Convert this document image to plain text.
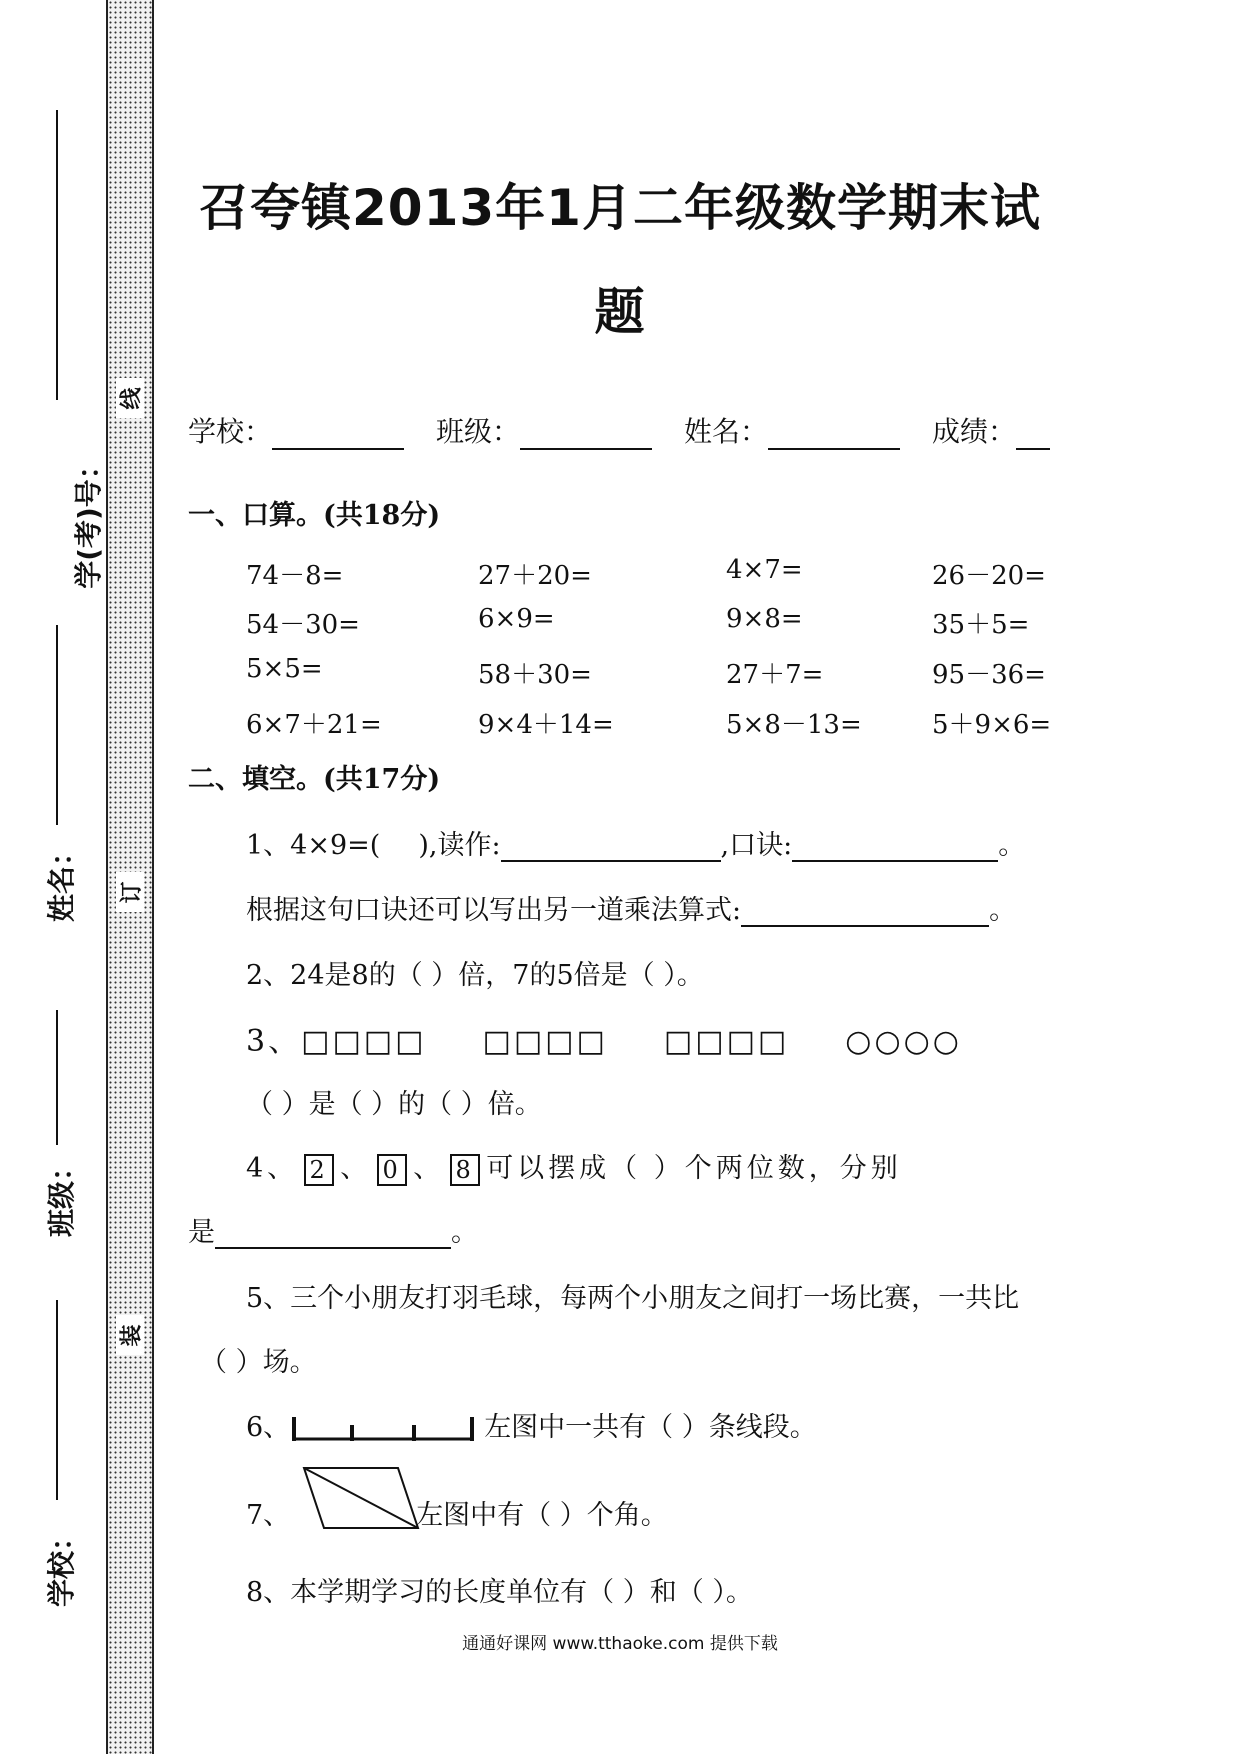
线
订
装
学(考)号：
姓名：
班级：
学校：
召夸镇2013年1月二年级数学期末试
题
学校：	班级：	姓名：	成绩：
一、口算。(共18分)
74－8=	27＋20=	4×7=	26－20=
54－30=	6×9=	9×8=	35＋5=
5×5=	58＋30=	27＋7=	95－36=
6×7＋21=	9×4＋14=	5×8－13=	5＋9×6=
二、填空。(共17分)
1、4×9=( ),读作:	,口诀:	。
根据这句口诀还可以写出另一道乘法算式:	。
2、24是8的（ ）倍，7的5倍是（ ）。
3、□□□□ □□□□ □□□□ ○○○○
（ ）是（ ）的（ ）倍。
4、 2 、 0 、 8 可以摆成（ ）个两位数，分别
是	。
5、三个小朋友打羽毛球，每两个小朋友之间打一场比赛，一共比
（ ）场。
6、	左图中一共有（ ）条线段。
7、	左图中有（ ）个角。
8、本学期学习的长度单位有（ ）和（ ）。
通通好课网 www.tthaoke.com 提供下载
